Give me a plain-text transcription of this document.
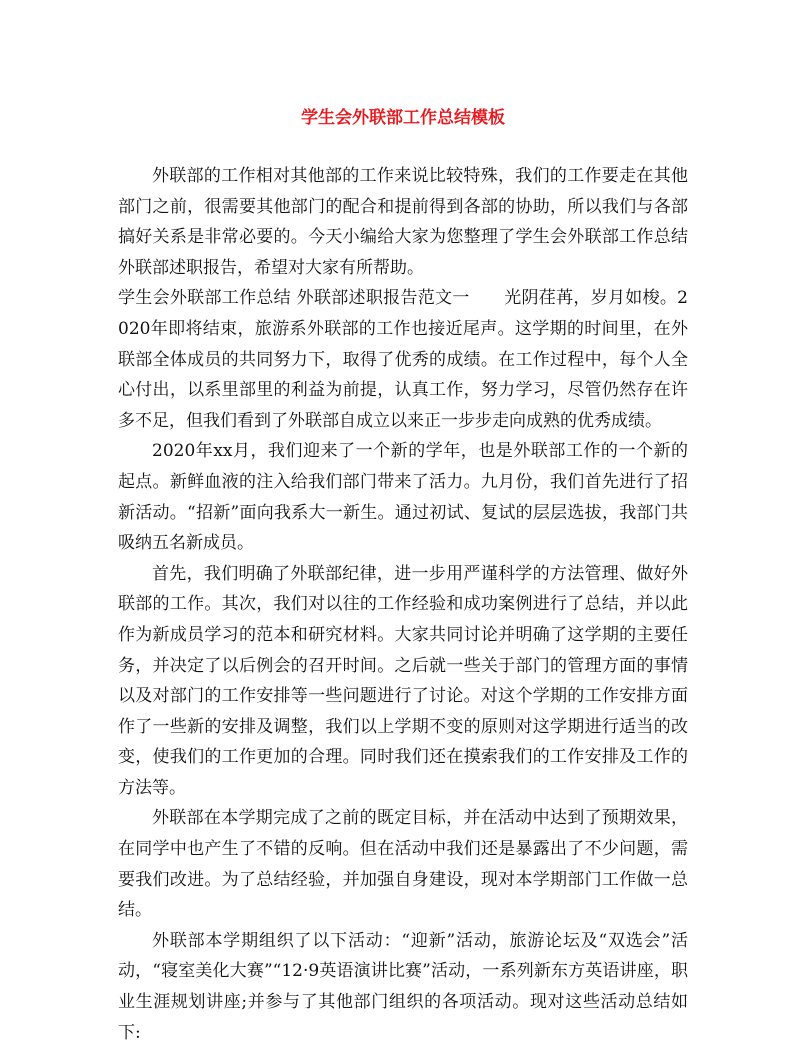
学生会外联部工作总结模板

外联部的工作相对其他部的工作来说比较特殊，我们的工作要走在其他部门之前，很需要其他部门的配合和提前得到各部的协助，所以我们与各部搞好关系是非常必要的。今天小编给大家为您整理了学生会外联部工作总结 外联部述职报告，希望对大家有所帮助。

学生会外联部工作总结 外联部述职报告范文一　　光阴荏苒，岁月如梭。2020年即将结束，旅游系外联部的工作也接近尾声。这学期的时间里，在外联部全体成员的共同努力下，取得了优秀的成绩。在工作过程中，每个人全心付出，以系里部里的利益为前提，认真工作，努力学习，尽管仍然存在许多不足，但我们看到了外联部自成立以来正一步步走向成熟的优秀成绩。

2020年xx月，我们迎来了一个新的学年，也是外联部工作的一个新的起点。新鲜血液的注入给我们部门带来了活力。九月份，我们首先进行了招新活动。“招新”面向我系大一新生。通过初试、复试的层层选拔，我部门共吸纳五名新成员。

首先，我们明确了外联部纪律，进一步用严谨科学的方法管理、做好外联部的工作。其次，我们对以往的工作经验和成功案例进行了总结，并以此作为新成员学习的范本和研究材料。大家共同讨论并明确了这学期的主要任务，并决定了以后例会的召开时间。之后就一些关于部门的管理方面的事情以及对部门的工作安排等一些问题进行了讨论。对这个学期的工作安排方面作了一些新的安排及调整，我们以上学期不变的原则对这学期进行适当的改变，使我们的工作更加的合理。同时我们还在摸索我们的工作安排及工作的方法等。

外联部在本学期完成了之前的既定目标，并在活动中达到了预期效果，在同学中也产生了不错的反响。但在活动中我们还是暴露出了不少问题，需要我们改进。为了总结经验，并加强自身建设，现对本学期部门工作做一总结。

外联部本学期组织了以下活动：“迎新”活动，旅游论坛及“双选会”活动，“寝室美化大赛”“12·9英语演讲比赛”活动，一系列新东方英语讲座，职业生涯规划讲座;并参与了其他部门组织的各项活动。现对这些活动总结如下:
